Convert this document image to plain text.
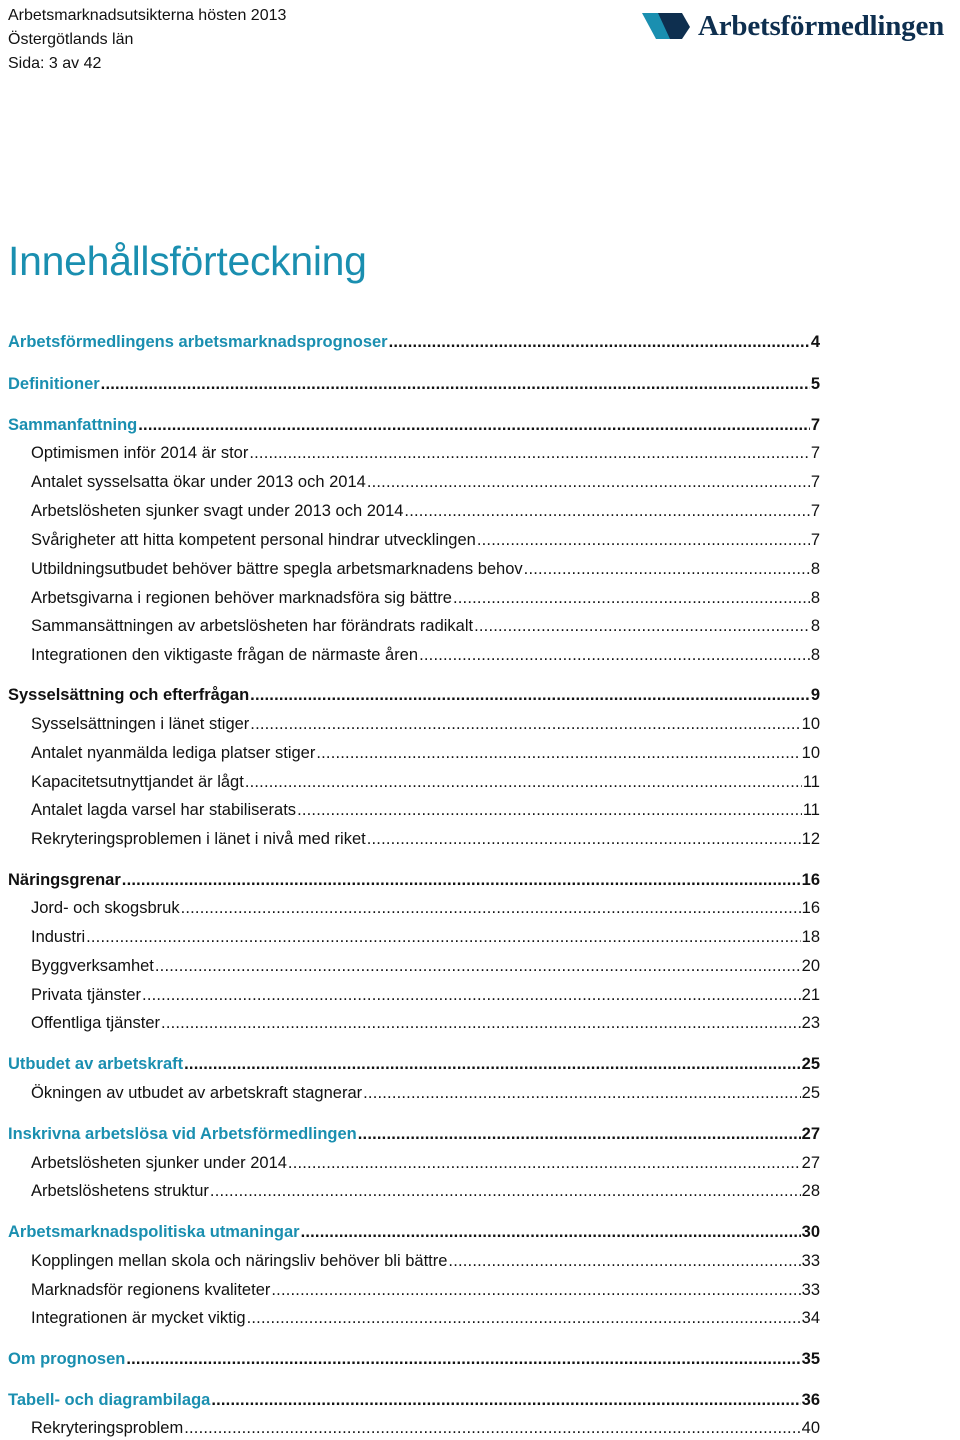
Arbetsmarknadsutsikterna hösten 2013
Östergötlands län
Sida: 3 av 42
Arbetsförmedlingen
Innehållsförteckning
Arbetsförmedlingens arbetsmarknadsprognoser .....	4
Definitioner .....	5
Sammanfattning .....	7
Optimismen inför 2014 är stor .....	7
Antalet sysselsatta ökar under 2013 och 2014 .....	7
Arbetslösheten sjunker svagt under 2013 och 2014 .....	7
Svårigheter att hitta kompetent personal hindrar utvecklingen .....	7
Utbildningsutbudet behöver bättre spegla arbetsmarknadens behov .....	8
Arbetsgivarna i regionen behöver marknadsföra sig bättre .....	8
Sammansättningen av arbetslösheten har förändrats radikalt .....	8
Integrationen den viktigaste frågan de närmaste åren .....	8
Sysselsättning och efterfrågan .....	9
Sysselsättningen i länet stiger .....	10
Antalet nyanmälda lediga platser stiger .....	10
Kapacitetsutnyttjandet är lågt .....	11
Antalet lagda varsel har stabiliserats .....	11
Rekryteringsproblemen i länet i nivå med riket .....	12
Näringsgrenar .....	16
Jord- och skogsbruk .....	16
Industri .....	18
Byggverksamhet .....	20
Privata tjänster .....	21
Offentliga tjänster .....	23
Utbudet av arbetskraft .....	25
Ökningen av utbudet av arbetskraft stagnerar .....	25
Inskrivna arbetslösa vid Arbetsförmedlingen .....	27
Arbetslösheten sjunker under 2014 .....	27
Arbetslöshetens struktur .....	28
Arbetsmarknadspolitiska utmaningar .....	30
Kopplingen mellan skola och näringsliv behöver bli bättre .....	33
Marknadsför regionens kvaliteter .....	33
Integrationen är mycket viktig .....	34
Om prognosen .....	35
Tabell- och diagrambilaga .....	36
Rekryteringsproblem .....	40
